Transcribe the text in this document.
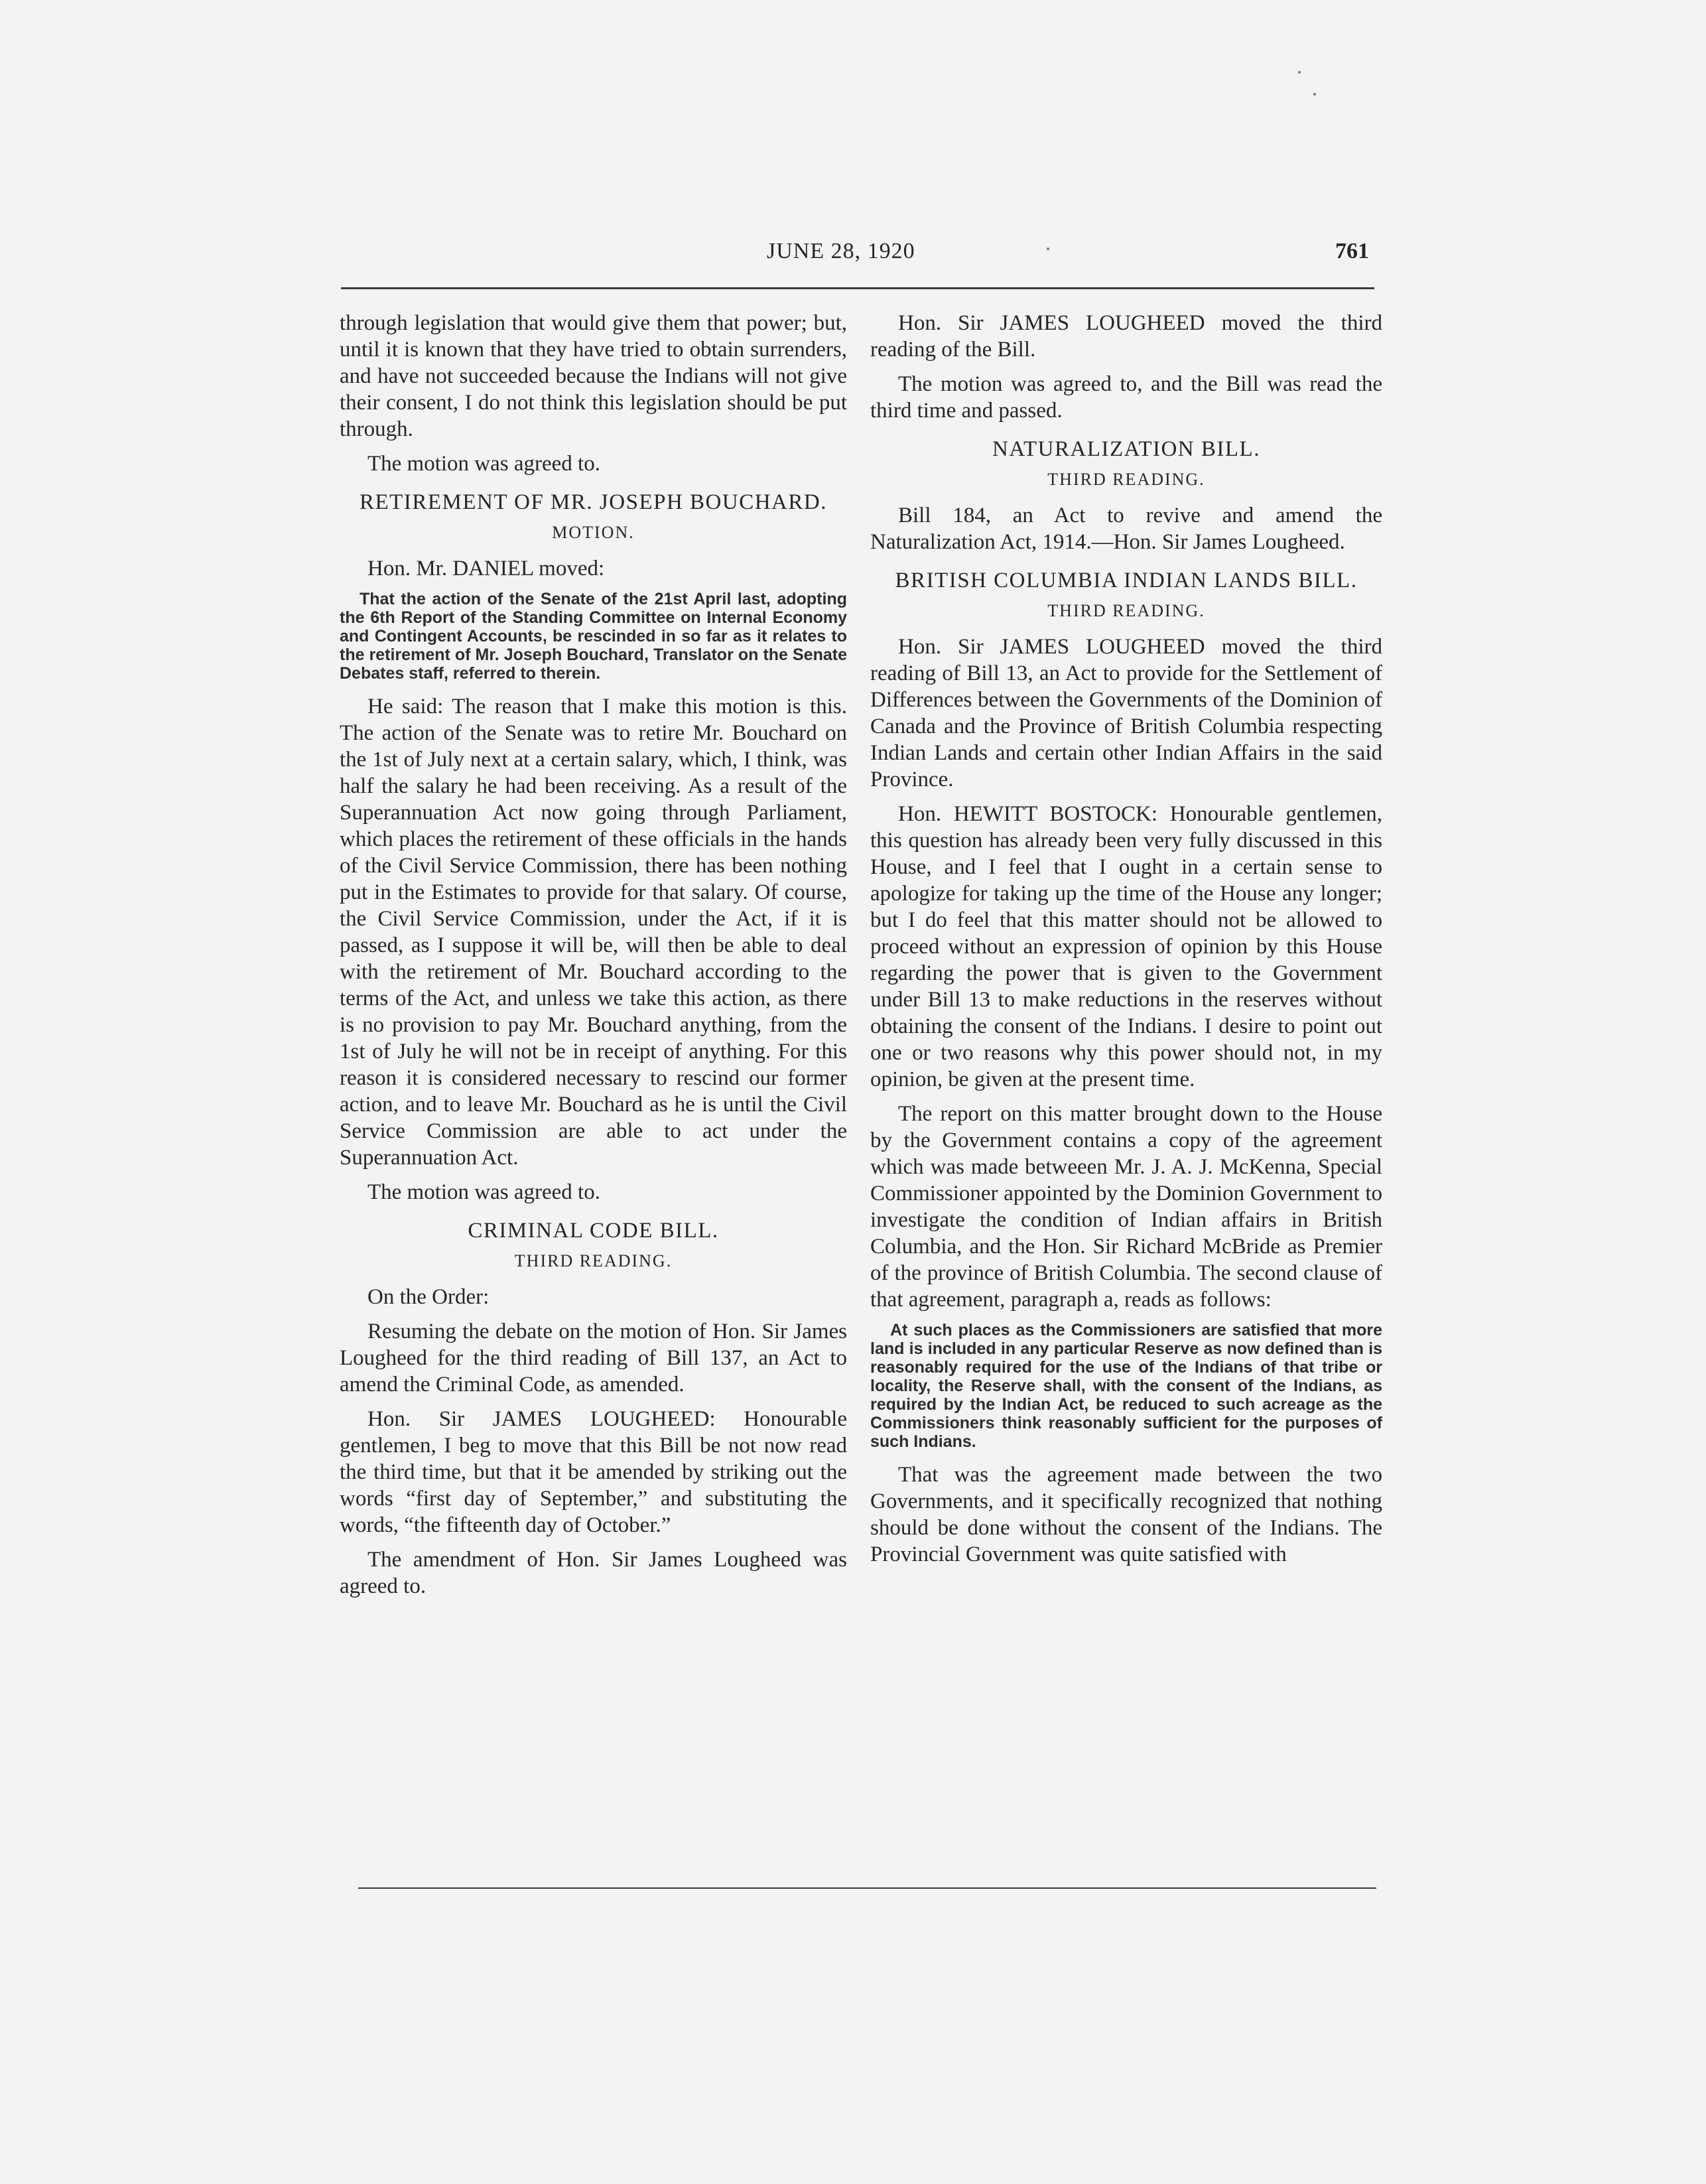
JUNE 28, 1920	761

through legislation that would give them that power; but, until it is known that they have tried to obtain surrenders, and have not succeeded because the Indians will not give their consent, I do not think this legislation should be put through.

The motion was agreed to.

RETIREMENT OF MR. JOSEPH BOUCHARD.

MOTION.

Hon. Mr. DANIEL moved:

That the action of the Senate of the 21st April last, adopting the 6th Report of the Standing Committee on Internal Economy and Contingent Accounts, be rescinded in so far as it relates to the retirement of Mr. Joseph Bouchard, Translator on the Senate Debates staff, referred to therein.

He said: The reason that I make this motion is this. The action of the Senate was to retire Mr. Bouchard on the 1st of July next at a certain salary, which, I think, was half the salary he had been receiving. As a result of the Superannuation Act now going through Parliament, which places the retirement of these officials in the hands of the Civil Service Commission, there has been nothing put in the Estimates to provide for that salary. Of course, the Civil Service Commission, under the Act, if it is passed, as I suppose it will be, will then be able to deal with the retirement of Mr. Bouchard according to the terms of the Act, and unless we take this action, as there is no provision to pay Mr. Bouchard anything, from the 1st of July he will not be in receipt of anything. For this reason it is considered necessary to rescind our former action, and to leave Mr. Bouchard as he is until the Civil Service Commission are able to act under the Superannuation Act.

The motion was agreed to.

CRIMINAL CODE BILL.

THIRD READING.

On the Order:

Resuming the debate on the motion of Hon. Sir James Lougheed for the third reading of Bill 137, an Act to amend the Criminal Code, as amended.

Hon. Sir JAMES LOUGHEED: Honourable gentlemen, I beg to move that this Bill be not now read the third time, but that it be amended by striking out the words “first day of September,” and substituting the words, “the fifteenth day of October.”

The amendment of Hon. Sir James Lougheed was agreed to.

Hon. Sir JAMES LOUGHEED moved the third reading of the Bill.

The motion was agreed to, and the Bill was read the third time and passed.

NATURALIZATION BILL.

THIRD READING.

Bill 184, an Act to revive and amend the Naturalization Act, 1914.—Hon. Sir James Lougheed.

BRITISH COLUMBIA INDIAN LANDS BILL.

THIRD READING.

Hon. Sir JAMES LOUGHEED moved the third reading of Bill 13, an Act to provide for the Settlement of Differences between the Governments of the Dominion of Canada and the Province of British Columbia respecting Indian Lands and certain other Indian Affairs in the said Province.

Hon. HEWITT BOSTOCK: Honourable gentlemen, this question has already been very fully discussed in this House, and I feel that I ought in a certain sense to apologize for taking up the time of the House any longer; but I do feel that this matter should not be allowed to proceed without an expression of opinion by this House regarding the power that is given to the Government under Bill 13 to make reductions in the reserves without obtaining the consent of the Indians. I desire to point out one or two reasons why this power should not, in my opinion, be given at the present time.

The report on this matter brought down to the House by the Government contains a copy of the agreement which was made betweeen Mr. J. A. J. McKenna, Special Commissioner appointed by the Dominion Government to investigate the condition of Indian affairs in British Columbia, and the Hon. Sir Richard McBride as Premier of the province of British Columbia. The second clause of that agreement, paragraph a, reads as follows:

At such places as the Commissioners are satisfied that more land is included in any particular Reserve as now defined than is reasonably required for the use of the Indians of that tribe or locality, the Reserve shall, with the consent of the Indians, as required by the Indian Act, be reduced to such acreage as the Commissioners think reasonably sufficient for the purposes of such Indians.

That was the agreement made between the two Governments, and it specifically recognized that nothing should be done without the consent of the Indians. The Provincial Government was quite satisfied with
